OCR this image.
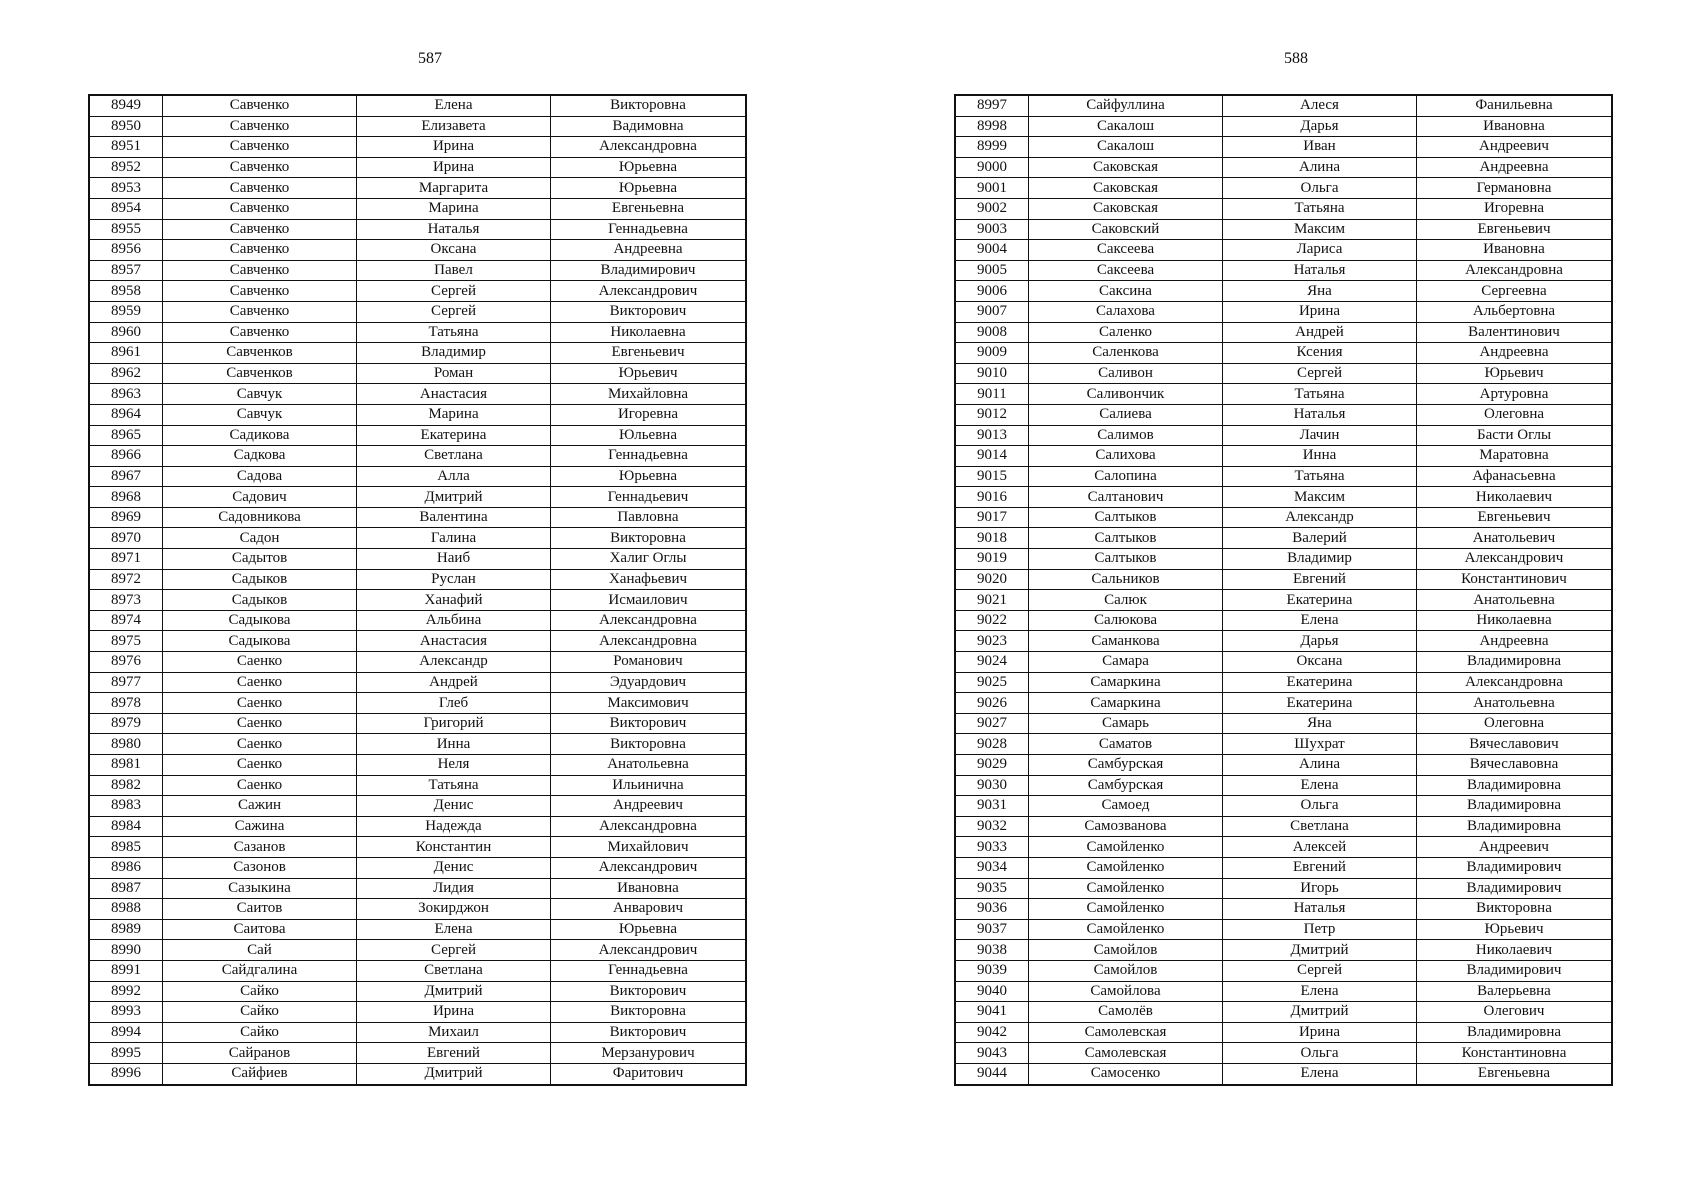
587
8949	Савченко	Елена	Викторовна
8950	Савченко	Елизавета	Вадимовна
8951	Савченко	Ирина	Александровна
8952	Савченко	Ирина	Юрьевна
8953	Савченко	Маргарита	Юрьевна
8954	Савченко	Марина	Евгеньевна
8955	Савченко	Наталья	Геннадьевна
8956	Савченко	Оксана	Андреевна
8957	Савченко	Павел	Владимирович
8958	Савченко	Сергей	Александрович
8959	Савченко	Сергей	Викторович
8960	Савченко	Татьяна	Николаевна
8961	Савченков	Владимир	Евгеньевич
8962	Савченков	Роман	Юрьевич
8963	Савчук	Анастасия	Михайловна
8964	Савчук	Марина	Игоревна
8965	Садикова	Екатерина	Юльевна
8966	Садкова	Светлана	Геннадьевна
8967	Садова	Алла	Юрьевна
8968	Садович	Дмитрий	Геннадьевич
8969	Садовникова	Валентина	Павловна
8970	Садон	Галина	Викторовна
8971	Садытов	Наиб	Халиг Оглы
8972	Садыков	Руслан	Ханафьевич
8973	Садыков	Ханафий	Исмаилович
8974	Садыкова	Альбина	Александровна
8975	Садыкова	Анастасия	Александровна
8976	Саенко	Александр	Романович
8977	Саенко	Андрей	Эдуардович
8978	Саенко	Глеб	Максимович
8979	Саенко	Григорий	Викторович
8980	Саенко	Инна	Викторовна
8981	Саенко	Неля	Анатольевна
8982	Саенко	Татьяна	Ильинична
8983	Сажин	Денис	Андреевич
8984	Сажина	Надежда	Александровна
8985	Сазанов	Константин	Михайлович
8986	Сазонов	Денис	Александрович
8987	Сазыкина	Лидия	Ивановна
8988	Саитов	Зокирджон	Анварович
8989	Саитова	Елена	Юрьевна
8990	Сай	Сергей	Александрович
8991	Сайдгалина	Светлана	Геннадьевна
8992	Сайко	Дмитрий	Викторович
8993	Сайко	Ирина	Викторовна
8994	Сайко	Михаил	Викторович
8995	Сайранов	Евгений	Мерзанурович
8996	Сайфиев	Дмитрий	Фаритович
588
8997	Сайфуллина	Алеся	Фанильевна
8998	Сакалош	Дарья	Ивановна
8999	Сакалош	Иван	Андреевич
9000	Саковская	Алина	Андреевна
9001	Саковская	Ольга	Германовна
9002	Саковская	Татьяна	Игоревна
9003	Саковский	Максим	Евгеньевич
9004	Саксеева	Лариса	Ивановна
9005	Саксеева	Наталья	Александровна
9006	Саксина	Яна	Сергеевна
9007	Салахова	Ирина	Альбертовна
9008	Саленко	Андрей	Валентинович
9009	Саленкова	Ксения	Андреевна
9010	Саливон	Сергей	Юрьевич
9011	Саливончик	Татьяна	Артуровна
9012	Салиева	Наталья	Олеговна
9013	Салимов	Лачин	Басти Оглы
9014	Салихова	Инна	Маратовна
9015	Салопина	Татьяна	Афанасьевна
9016	Салтанович	Максим	Николаевич
9017	Салтыков	Александр	Евгеньевич
9018	Салтыков	Валерий	Анатольевич
9019	Салтыков	Владимир	Александрович
9020	Сальников	Евгений	Константинович
9021	Салюк	Екатерина	Анатольевна
9022	Салюкова	Елена	Николаевна
9023	Саманкова	Дарья	Андреевна
9024	Самара	Оксана	Владимировна
9025	Самаркина	Екатерина	Александровна
9026	Самаркина	Екатерина	Анатольевна
9027	Самарь	Яна	Олеговна
9028	Саматов	Шухрат	Вячеславович
9029	Самбурская	Алина	Вячеславовна
9030	Самбурская	Елена	Владимировна
9031	Самоед	Ольга	Владимировна
9032	Самозванова	Светлана	Владимировна
9033	Самойленко	Алексей	Андреевич
9034	Самойленко	Евгений	Владимирович
9035	Самойленко	Игорь	Владимирович
9036	Самойленко	Наталья	Викторовна
9037	Самойленко	Петр	Юрьевич
9038	Самойлов	Дмитрий	Николаевич
9039	Самойлов	Сергей	Владимирович
9040	Самойлова	Елена	Валерьевна
9041	Самолёв	Дмитрий	Олегович
9042	Самолевская	Ирина	Владимировна
9043	Самолевская	Ольга	Константиновна
9044	Самосенко	Елена	Евгеньевна
